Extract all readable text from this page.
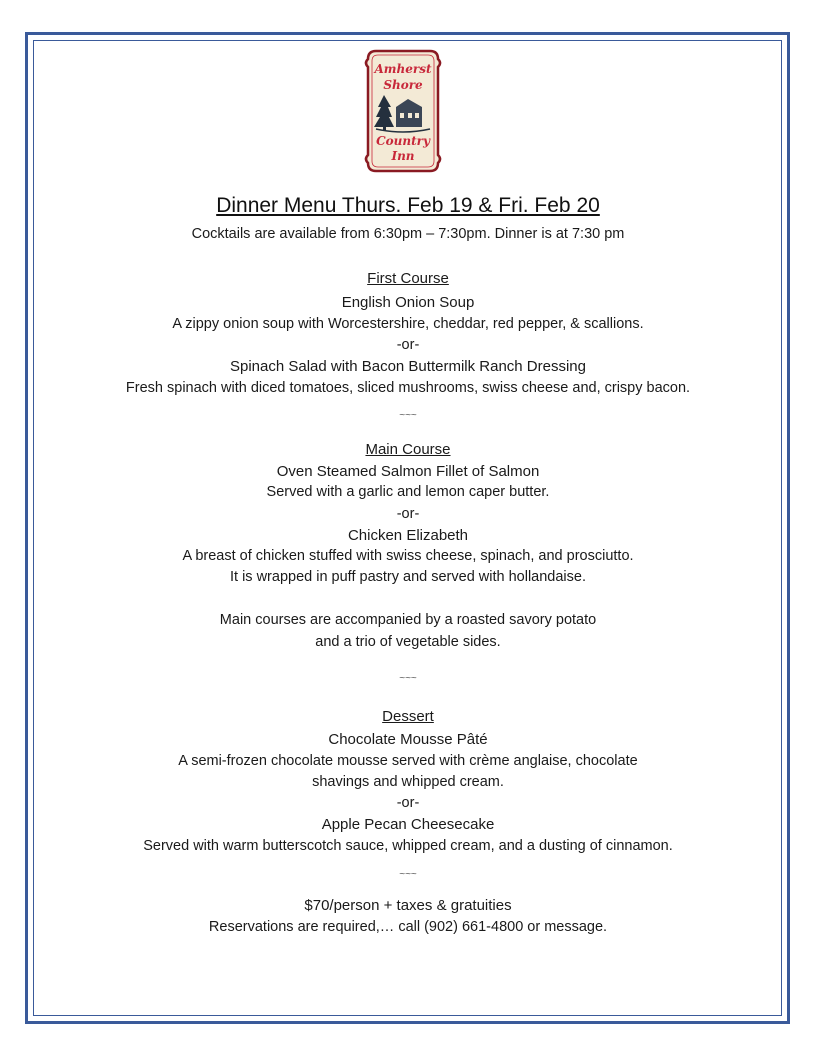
Amherst
Shore
Country
Inn
Dinner Menu Thurs. Feb 19 & Fri. Feb 20
Cocktails are available from 6:30pm – 7:30pm. Dinner is at 7:30 pm
First Course
English Onion Soup
A zippy onion soup with Worcestershire, cheddar, red pepper, & scallions.
-or-
Spinach Salad with Bacon Buttermilk Ranch Dressing
Fresh spinach with diced tomatoes, sliced mushrooms, swiss cheese and, crispy bacon.
~~~
Main Course
Oven Steamed Salmon Fillet of Salmon
Served with a garlic and lemon caper butter.
-or-
Chicken Elizabeth
A breast of chicken stuffed with swiss cheese, spinach, and prosciutto.
It is wrapped in puff pastry and served with hollandaise.
Main courses are accompanied by a roasted savory potato
and a trio of vegetable sides.
~~~
Dessert
Chocolate Mousse Pâté
A semi-frozen chocolate mousse served with crème anglaise, chocolate
shavings and whipped cream.
-or-
Apple Pecan Cheesecake
Served with warm butterscotch sauce, whipped cream, and a dusting of cinnamon.
~~~
$70/person + taxes & gratuities
Reservations are required,… call (902) 661-4800 or message.
